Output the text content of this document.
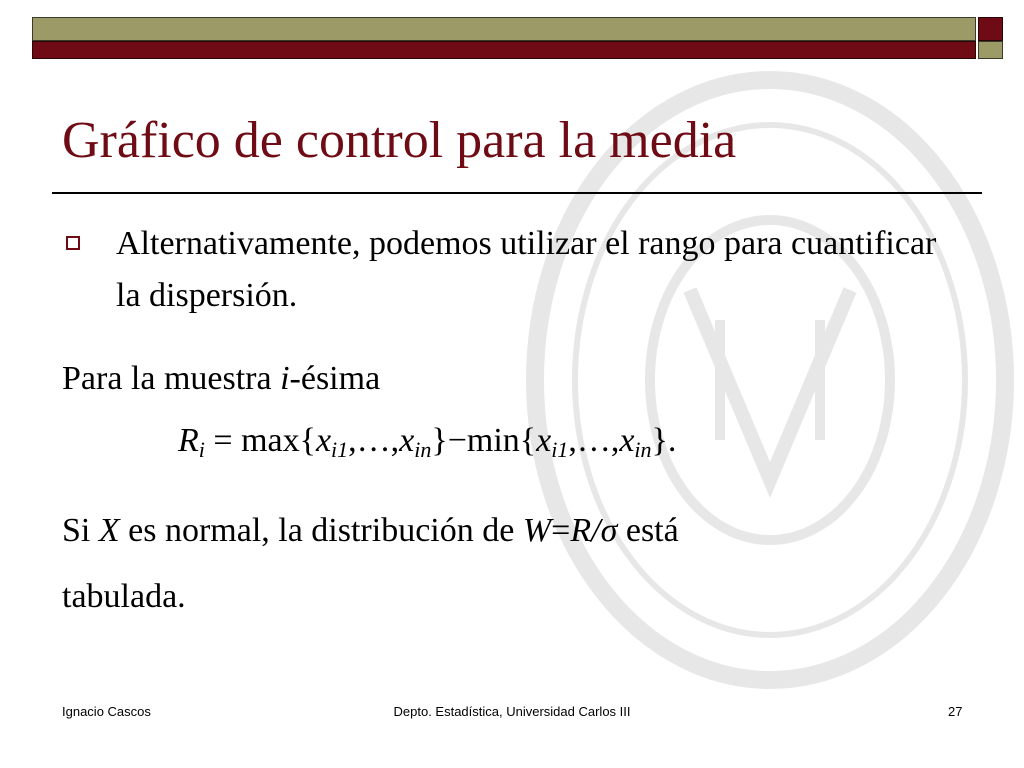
Gráfico de control para la media
Alternativamente, podemos utilizar el rango para cuantificar la dispersión.
Para la muestra i-ésima
$R_i$ = $\max\{x_{i1},\dots,x_{in}\}-\min\{x_{i1},\dots,x_{in}\}$.
Si X es normal, la distribución de W=R/σ está
tabulada.
Ignacio Cascos	Depto. Estadística, Universidad Carlos III	27
